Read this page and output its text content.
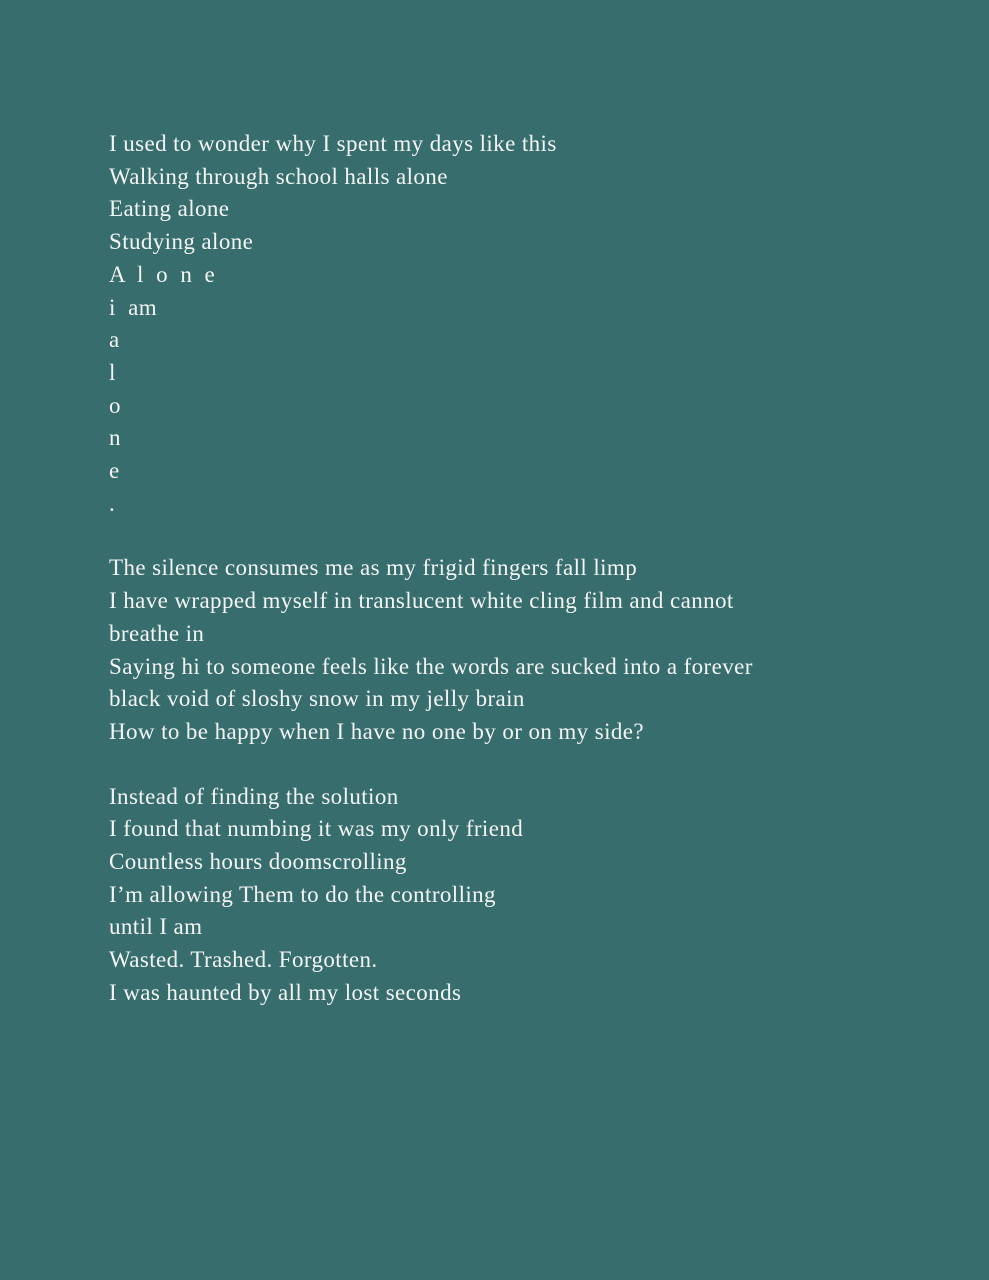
I used to wonder why I spent my days like this

Walking through school halls alone

Eating alone

Studying alone

A  l  o  n  e

i  am

a

l

o

n

e

.

The silence consumes me as my frigid fingers fall limp

I have wrapped myself in translucent white cling film and cannot

breathe in

Saying hi to someone feels like the words are sucked into a forever

black void of sloshy snow in my jelly brain

How to be happy when I have no one by or on my side?

Instead of finding the solution

I found that numbing it was my only friend

Countless hours doomscrolling

I’m allowing Them to do the controlling

until I am

Wasted. Trashed. Forgotten.

I was haunted by all my lost seconds
